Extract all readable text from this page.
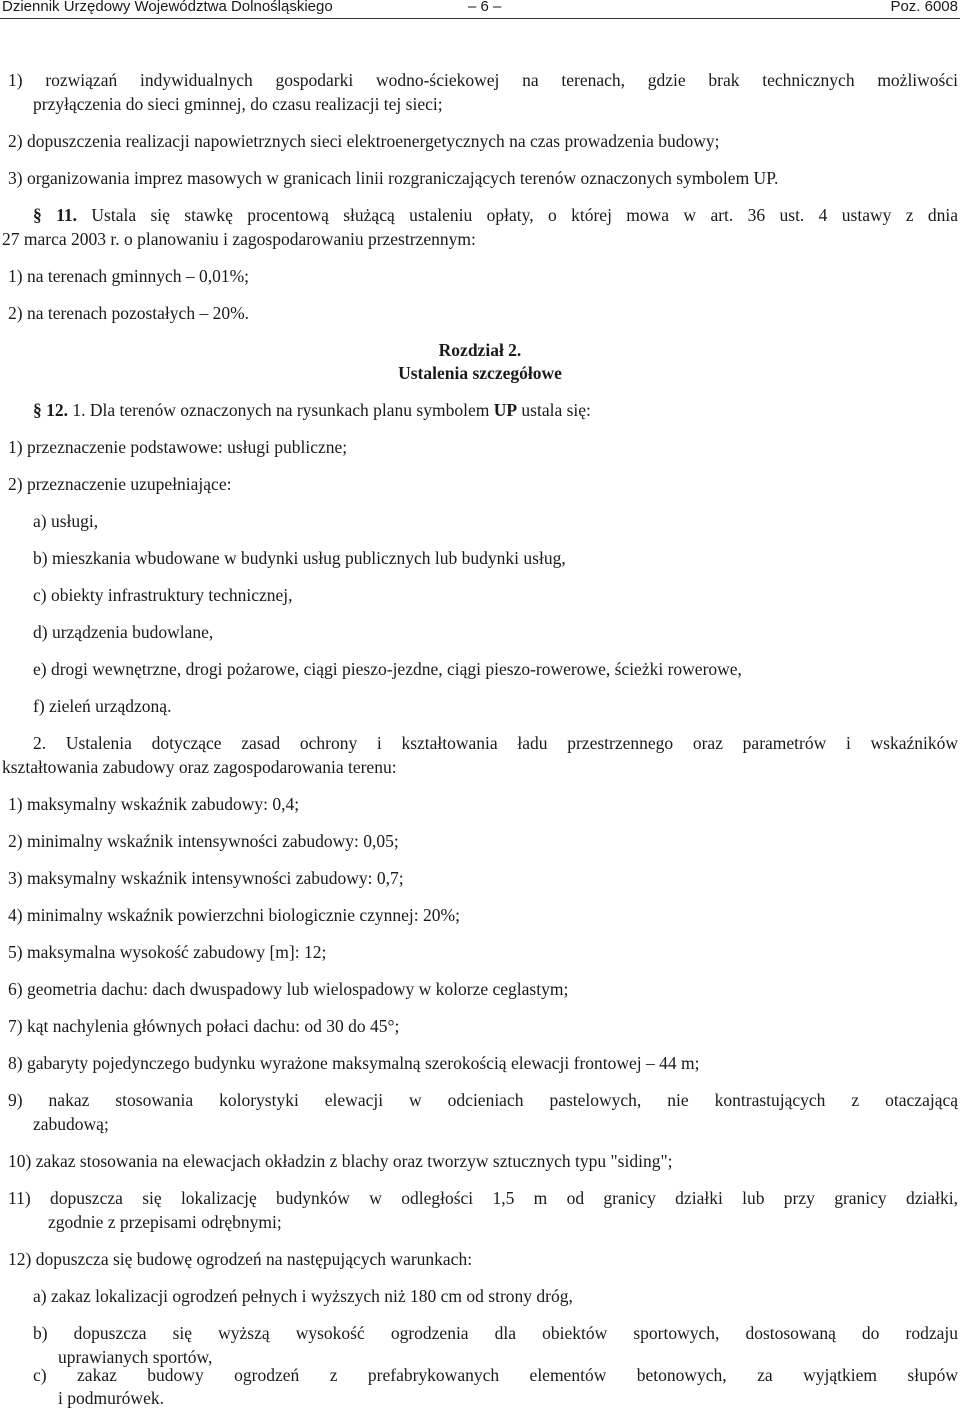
Dziennik Urzędowy Województwa Dolnośląskiego	– 6 –	Poz. 6008
1) rozwiązań indywidualnych gospodarki wodno-ściekowej na terenach, gdzie brak technicznych możliwości
przyłączenia do sieci gminnej, do czasu realizacji tej sieci;
2) dopuszczenia realizacji napowietrznych sieci elektroenergetycznych na czas prowadzenia budowy;
3) organizowania imprez masowych w granicach linii rozgraniczających terenów oznaczonych symbolem UP.
§ 11. Ustala się stawkę procentową służącą ustaleniu opłaty, o której mowa w art. 36 ust. 4 ustawy z dnia
27 marca 2003 r. o planowaniu i zagospodarowaniu przestrzennym:
1) na terenach gminnych – 0,01%;
2) na terenach pozostałych – 20%.
Rozdział 2.
Ustalenia szczegółowe
§ 12. 1. Dla terenów oznaczonych na rysunkach planu symbolem UP ustala się:
1) przeznaczenie podstawowe: usługi publiczne;
2) przeznaczenie uzupełniające:
a) usługi,
b) mieszkania wbudowane w budynki usług publicznych lub budynki usług,
c) obiekty infrastruktury technicznej,
d) urządzenia budowlane,
e) drogi wewnętrzne, drogi pożarowe, ciągi pieszo-jezdne, ciągi pieszo-rowerowe, ścieżki rowerowe,
f) zieleń urządzoną.
2. Ustalenia dotyczące zasad ochrony i kształtowania ładu przestrzennego oraz parametrów i wskaźników
kształtowania zabudowy oraz zagospodarowania terenu:
1) maksymalny wskaźnik zabudowy: 0,4;
2) minimalny wskaźnik intensywności zabudowy: 0,05;
3) maksymalny wskaźnik intensywności zabudowy: 0,7;
4) minimalny wskaźnik powierzchni biologicznie czynnej: 20%;
5) maksymalna wysokość zabudowy [m]: 12;
6) geometria dachu: dach dwuspadowy lub wielospadowy w kolorze ceglastym;
7) kąt nachylenia głównych połaci dachu: od 30 do 45°;
8) gabaryty pojedynczego budynku wyrażone maksymalną szerokością elewacji frontowej – 44 m;
9) nakaz stosowania kolorystyki elewacji w odcieniach pastelowych, nie kontrastujących z otaczającą
zabudową;
10) zakaz stosowania na elewacjach okładzin z blachy oraz tworzyw sztucznych typu "siding";
11) dopuszcza się lokalizację budynków w odległości 1,5 m od granicy działki lub przy granicy działki,
zgodnie z przepisami odrębnymi;
12) dopuszcza się budowę ogrodzeń na następujących warunkach:
a) zakaz lokalizacji ogrodzeń pełnych i wyższych niż 180 cm od strony dróg,
b) dopuszcza się wyższą wysokość ogrodzenia dla obiektów sportowych, dostosowaną do rodzaju
uprawianych sportów,
c) zakaz budowy ogrodzeń z prefabrykowanych elementów betonowych, za wyjątkiem słupów
i podmurówek.
